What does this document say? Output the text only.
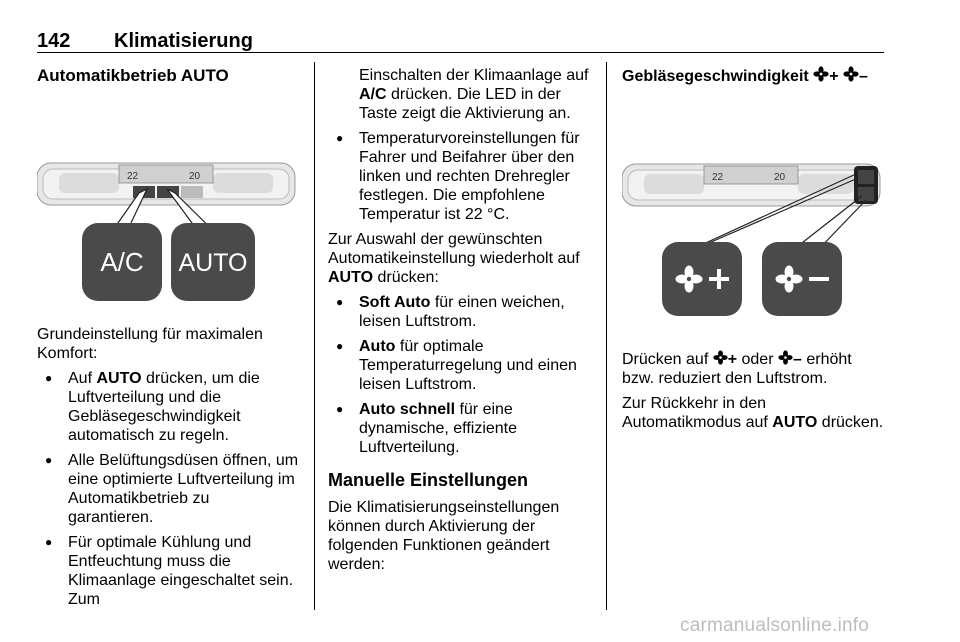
142 Klimatisierung
Automatikbetrieb AUTO
22	20
A/C AUTO

Grundeinstellung für maximalen Komfort:

● Auf AUTO drücken, um die Luftverteilung und die Gebläsegeschwindigkeit automatisch zu regeln.
● Alle Belüftungsdüsen öffnen, um eine optimierte Luftverteilung im Automatikbetrieb zu garantieren.
● Für optimale Kühlung und Entfeuchtung muss die Klimaanlage eingeschaltet sein. Zum

Einschalten der Klimaanlage auf A/C drücken. Die LED in der Taste zeigt die Aktivierung an.

● Temperaturvoreinstellungen für Fahrer und Beifahrer über den linken und rechten Drehregler festlegen. Die empfohlene Temperatur ist 22 °C.

Zur Auswahl der gewünschten Automatikeinstellung wiederholt auf AUTO drücken:

● Soft Auto für einen weichen, leisen Luftstrom.
● Auto für optimale Temperaturregelung und einen leisen Luftstrom.
● Auto schnell für eine dynamische, effiziente Luftverteilung.
Manuelle Einstellungen

Die Klimatisierungseinstellungen können durch Aktivierung der folgenden Funktionen geändert werden:

Gebläsegeschwindigkeit + –
22	20

Drücken auf + oder – erhöht bzw. reduziert den Luftstrom.

Zur Rückkehr in den Automatikmodus auf AUTO drücken.

carmanualsonline.info
